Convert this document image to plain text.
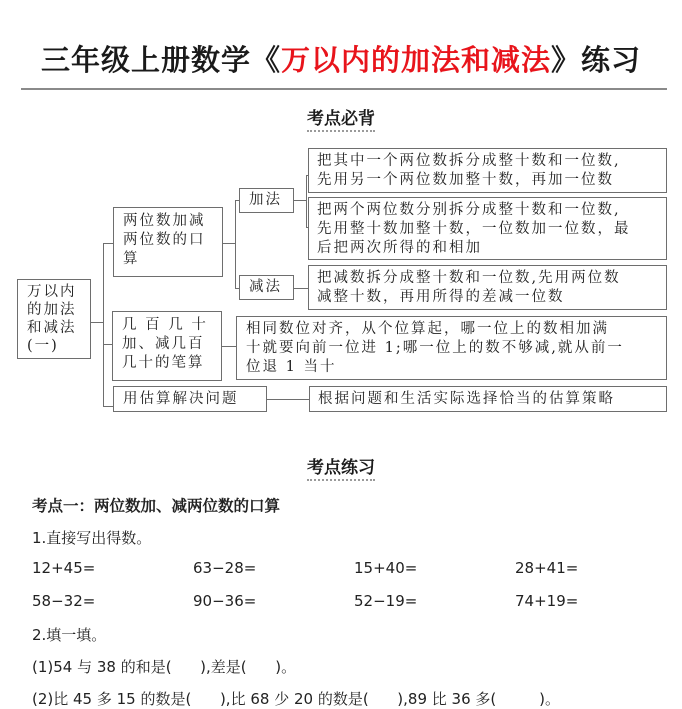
三年级上册数学《万以内的加法和减法》练习
考点必背
万以内
的加法
和减法
(一)
两位数加减
两位数的口
算
加法
把其中一个两位数拆分成整十数和一位数,
先用另一个两位数加整十数，再加一位数
把两个两位数分别拆分成整十数和一位数,
先用整十数加整十数，一位数加一位数，最
后把两次所得的和相加
减法
把减数拆分成整十数和一位数,先用两位数
减整十数，再用所得的差减一位数
几 百 几 十
加、减几百
几十的笔算
相同数位对齐，从个位算起，哪一位上的数相加满
十就要向前一位进 1;哪一位上的数不够减,就从前一
位退 1 当十
用估算解决问题	根据问题和生活实际选择恰当的估算策略
考点练习
考点一：两位数加、减两位数的口算
1.直接写出得数。
12+45=	63−28=	15+40=	28+41=
58−32=	90−36=	52−19=	74+19=
2.填一填。
(1)54 与 38 的和是(      ),差是(      )。
(2)比 45 多 15 的数是(      ),比 68 少 20 的数是(      ),89 比 36 多(         )。
